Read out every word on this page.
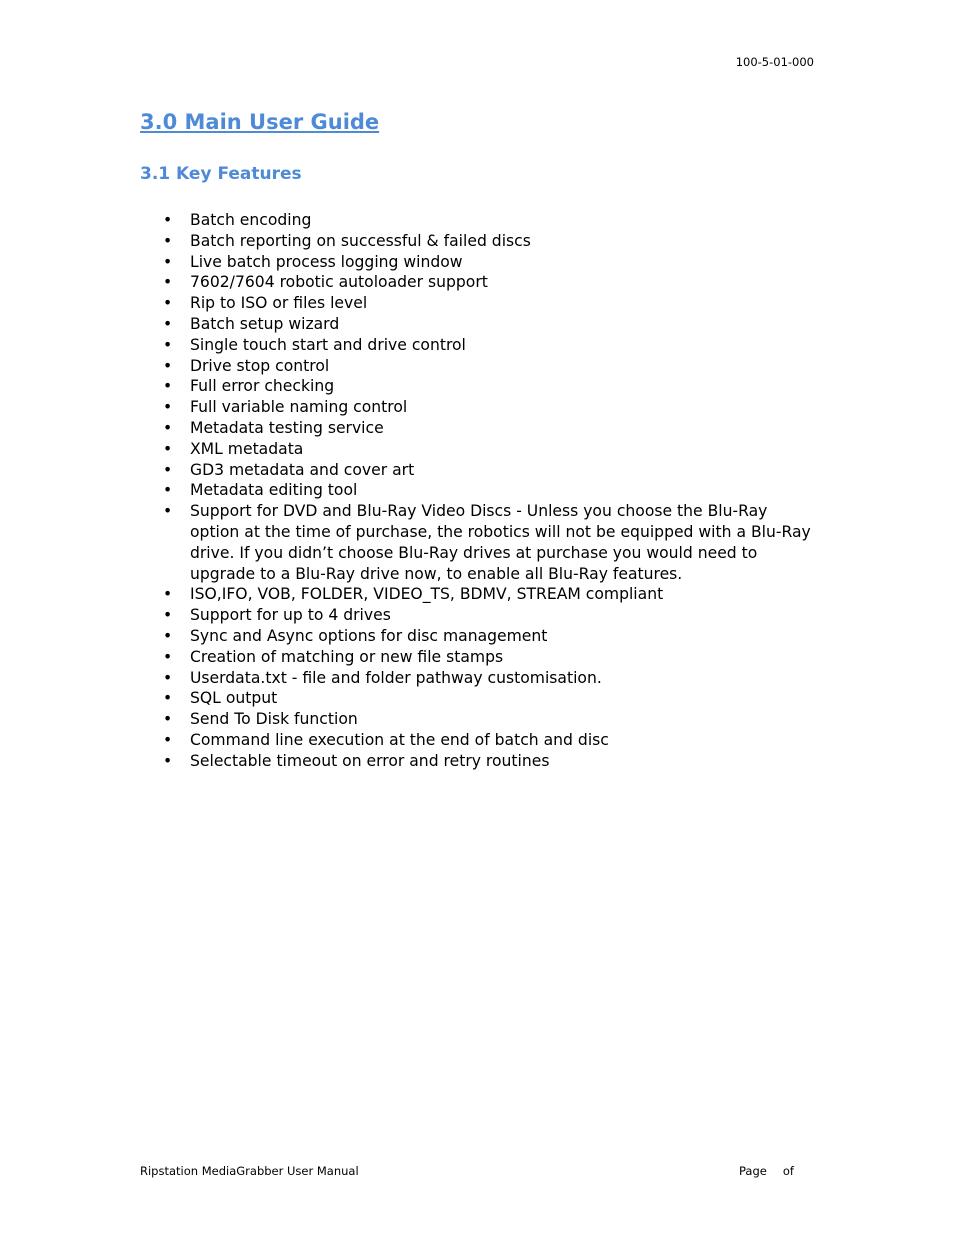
100-5-01-000
3.0 Main User Guide
3.1 Key Features
• Batch encoding
• Batch reporting on successful & failed discs
• Live batch process logging window
• 7602/7604 robotic autoloader support
• Rip to ISO or files level
• Batch setup wizard
• Single touch start and drive control
• Drive stop control
• Full error checking
• Full variable naming control
• Metadata testing service
• XML metadata
• GD3 metadata and cover art
• Metadata editing tool
• Support for DVD and Blu-Ray Video Discs - Unless you choose the Blu-Ray option at the time of purchase, the robotics will not be equipped with a Blu-Ray drive. If you didn’t choose Blu-Ray drives at purchase you would need to upgrade to a Blu-Ray drive now, to enable all Blu-Ray features.
• ISO,IFO, VOB, FOLDER, VIDEO_TS, BDMV, STREAM compliant
• Support for up to 4 drives
• Sync and Async options for disc management
• Creation of matching or new file stamps
• Userdata.txt - file and folder pathway customisation.
• SQL output
• Send To Disk function
• Command line execution at the end of batch and disc
• Selectable timeout on error and retry routines
Ripstation MediaGrabber User Manual	Page of
